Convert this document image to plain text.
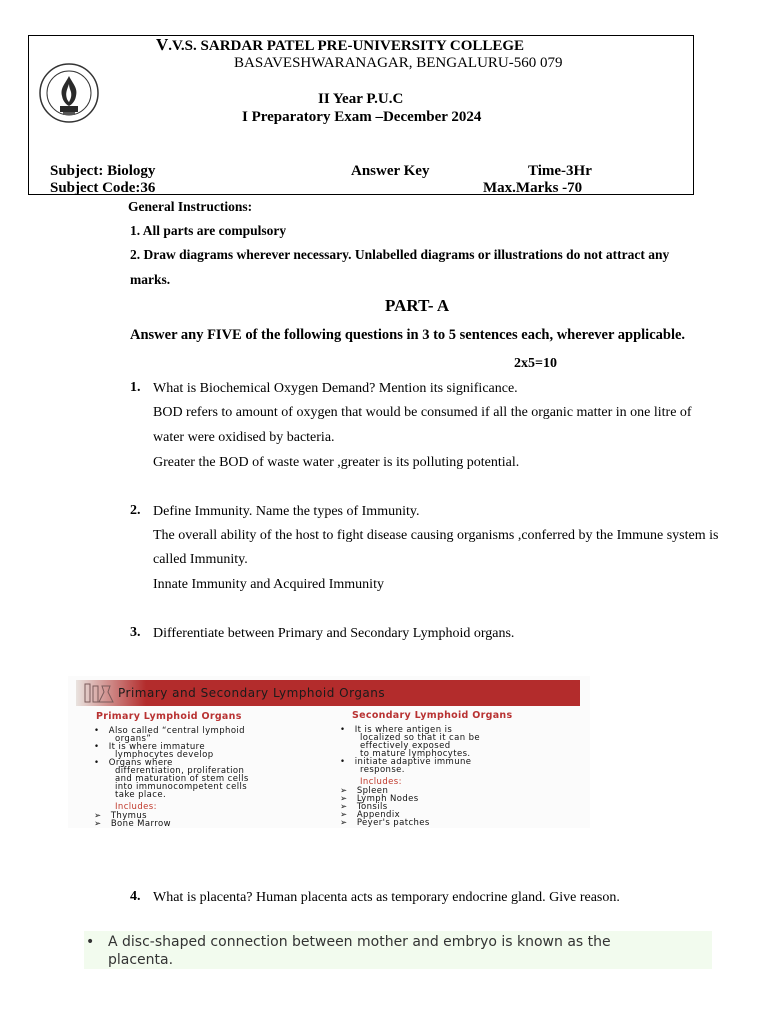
V.V.S. SARDAR PATEL PRE-UNIVERSITY COLLEGE
BASAVESHWARANAGAR, BENGALURU-560 079
II Year P.U.C
I Preparatory Exam –December 2024
Subject: Biology	Answer Key	Time-3Hr
Subject Code:36	Max.Marks -70
General Instructions:
1. All parts are compulsory
2. Draw diagrams wherever necessary. Unlabelled diagrams or illustrations do not attract any
marks.
PART- A
Answer any FIVE of the following questions in 3 to 5 sentences each, wherever applicable.
2x5=10
1. What is Biochemical Oxygen Demand? Mention its significance.
BOD refers to amount of oxygen that would be consumed if all the organic matter in one litre of
water were oxidised by bacteria.
Greater the BOD of waste water ,greater is its polluting potential.
2. Define Immunity. Name the types of Immunity.
The overall ability of the host to fight disease causing organisms ,conferred by the Immune system is
called Immunity.
Innate Immunity and Acquired Immunity
3. Differentiate between Primary and Secondary Lymphoid organs.
Primary and Secondary Lymphoid Organs
Primary Lymphoid Organs
•   Also called “central lymphoid
organs”
•   It is where immature
lymphocytes develop
•   Organs where
differentiation, proliferation
and maturation of stem cells
into immunocompetent cells
take place.
Includes:
➢   Thymus
➢   Bone Marrow
Secondary Lymphoid Organs
•   It is where antigen is
localized so that it can be
effectively exposed
to mature lymphocytes.
•   initiate adaptive immune
response.
Includes:
➢   Spleen
➢   Lymph Nodes
➢   Tonsils
➢   Appendix
➢   Peyer's patches
4. What is placenta? Human placenta acts as temporary endocrine gland. Give reason.
• A disc-shaped connection between mother and embryo is known as the
placenta.
